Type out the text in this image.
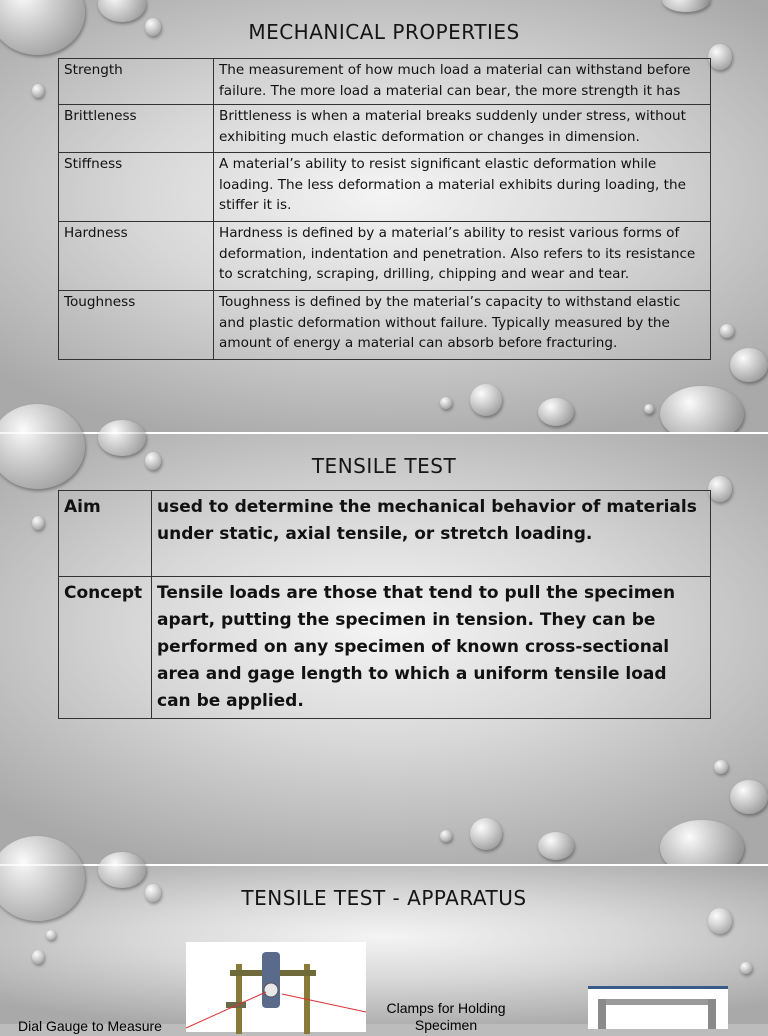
MECHANICAL PROPERTIES
Strength	The measurement of how much load a material can withstand before failure. The more load a material can bear, the more strength it has
Brittleness	Brittleness is when a material breaks suddenly under stress, without exhibiting much elastic deformation or changes in dimension.
Stiffness	A material’s ability to resist significant elastic deformation while loading. The less deformation a material exhibits during loading, the stiffer it is.
Hardness	Hardness is defined by a material’s ability to resist various forms of deformation, indentation and penetration. Also refers to its resistance to scratching, scraping, drilling, chipping and wear and tear.
Toughness	Toughness is defined by the material’s capacity to withstand elastic and plastic deformation without failure. Typically measured by the amount of energy a material can absorb before fracturing.
TENSILE TEST
Aim	used to determine the mechanical behavior of materials under static, axial tensile, or stretch loading.
Concept	Tensile loads are those that tend to pull the specimen apart, putting the specimen in tension. They can be performed on any specimen of known cross-sectional area and gage length to which a uniform tensile load can be applied.
TENSILE TEST - APPARATUS
Clamps for Holding Specimen
Dial Gauge to Measure
